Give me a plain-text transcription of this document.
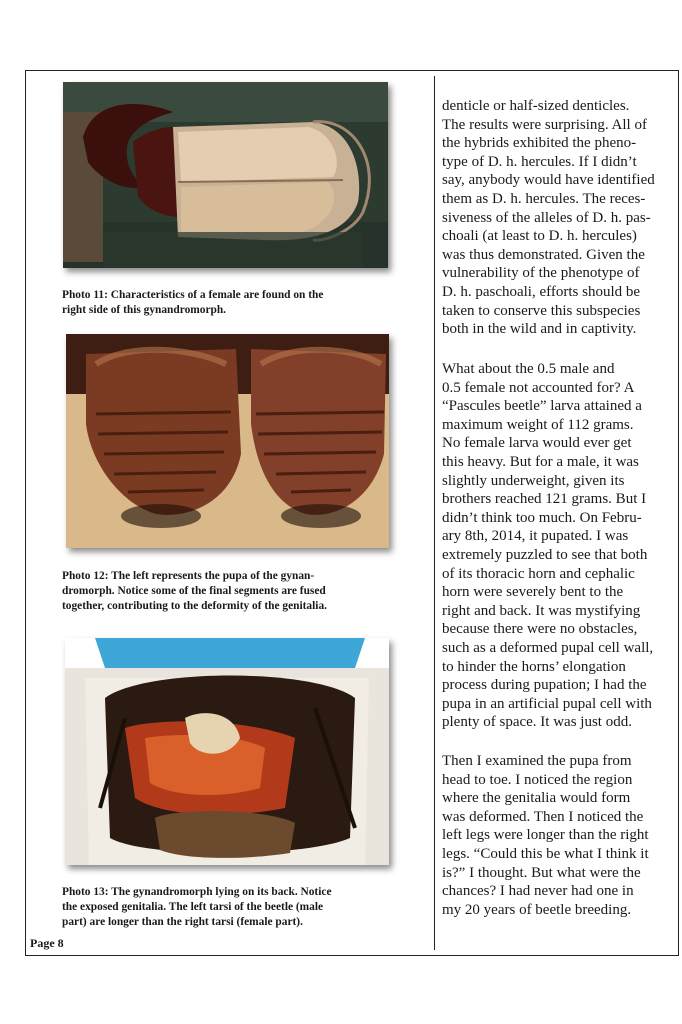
Photo 11: Characteristics of a female are found on the
right side of this gynandromorph.
Photo 12: The left represents the pupa of the gynan-
dromorph. Notice some of the final segments are fused
together, contributing to the deformity of the genitalia.
Photo 13: The gynandromorph lying on its back. Notice
the exposed genitalia. The left tarsi of the beetle (male
part) are longer than the right tarsi (female part).
Page 8

denticle or half-sized denticles.
The results were surprising. All of
the hybrids exhibited the pheno-
type of D. h. hercules. If I didn’t
say, anybody would have identified
them as D. h. hercules. The reces-
siveness of the alleles of D. h. pas-
choali (at least to D. h. hercules)
was thus demonstrated. Given the
vulnerability of the phenotype of
D. h. paschoali, efforts should be
taken to conserve this subspecies
both in the wild and in captivity.

What about the 0.5 male and
0.5 female not accounted for? A
“Pascules beetle” larva attained a
maximum weight of 112 grams.
No female larva would ever get
this heavy. But for a male, it was
slightly underweight, given its
brothers reached 121 grams. But I
didn’t think too much. On Febru-
ary 8th, 2014, it pupated. I was
extremely puzzled to see that both
of its thoracic horn and cephalic
horn were severely bent to the
right and back. It was mystifying
because there were no obstacles,
such as a deformed pupal cell wall,
to hinder the horns’ elongation
process during pupation; I had the
pupa in an artificial pupal cell with
plenty of space. It was just odd.

Then I examined the pupa from
head to toe. I noticed the region
where the genitalia would form
was deformed. Then I noticed the
left legs were longer than the right
legs. “Could this be what I think it
is?” I thought. But what were the
chances? I had never had one in
my 20 years of beetle breeding.
